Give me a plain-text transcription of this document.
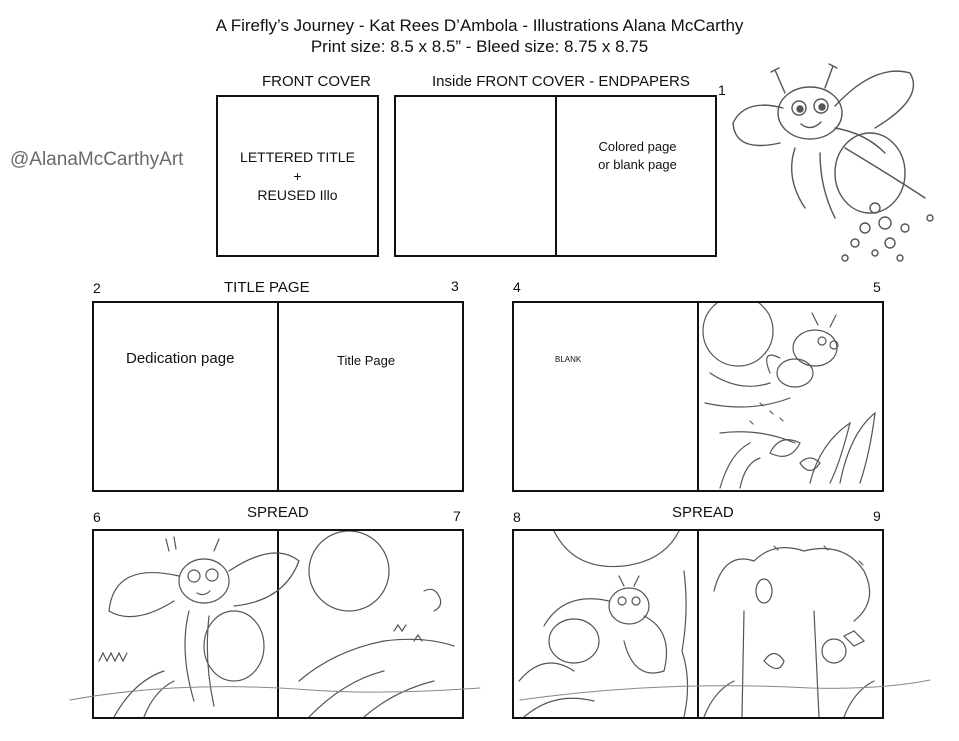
A Firefly’s Journey - Kat Rees D’Ambola - Illustrations Alana McCarthy
Print size: 8.5 x 8.5” - Bleed size: 8.75 x 8.75
@AlanaMcCarthyArt
FRONT COVER
LETTERED TITLE
+
REUSED Illo
Inside FRONT COVER - ENDPAPERS 1
Colored page
or blank page
TITLE PAGE
2	3
Dedication page	Title Page
4	5
BLANK
SPREAD
6	7	SPREAD
8	9
